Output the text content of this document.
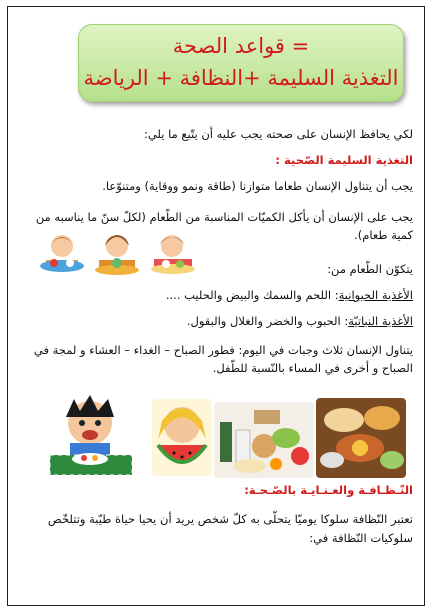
قواعد الصحة =
التغذية السليمة +النظافة + الرياضة
لكي يحافظ الإنسان على صحته يجب عليه أن يتّبع ما يلي:
التغذية السليمة الصّحية :
يجب أن يتناول الإنسان طعاما متوازنا (طاقة ونمو ووقاية) ومتنوّعا.
يجب على الإنسان أن يأكل الكميّات المناسبة من الطّعام (لكلّ سنّ ما يناسبه من
كمية طعام).
يتكوّن الطّعام من:
الأغذية الحيوانية: اللحم والسمك والبيض والحليب ....
الأغذية النباتيّة: الحبوب والخضر والغلال والبقول.
يتناول الإنسان ثلاث وجبات في اليوم: فطور الصباح – الغداء – العشاء و لمجة في
الصباح و أخرى في المساء بالنّسبة للطّفل.
النّـظـافـة والعـنـايـة بالصّـحـة:
تعتبر النّظافة سلوكا يوميّا يتحلّى به كلّ شخص يريد أن يحيا حياة طيّبة وتتلخّص
سلوكيات النّظافة في:
